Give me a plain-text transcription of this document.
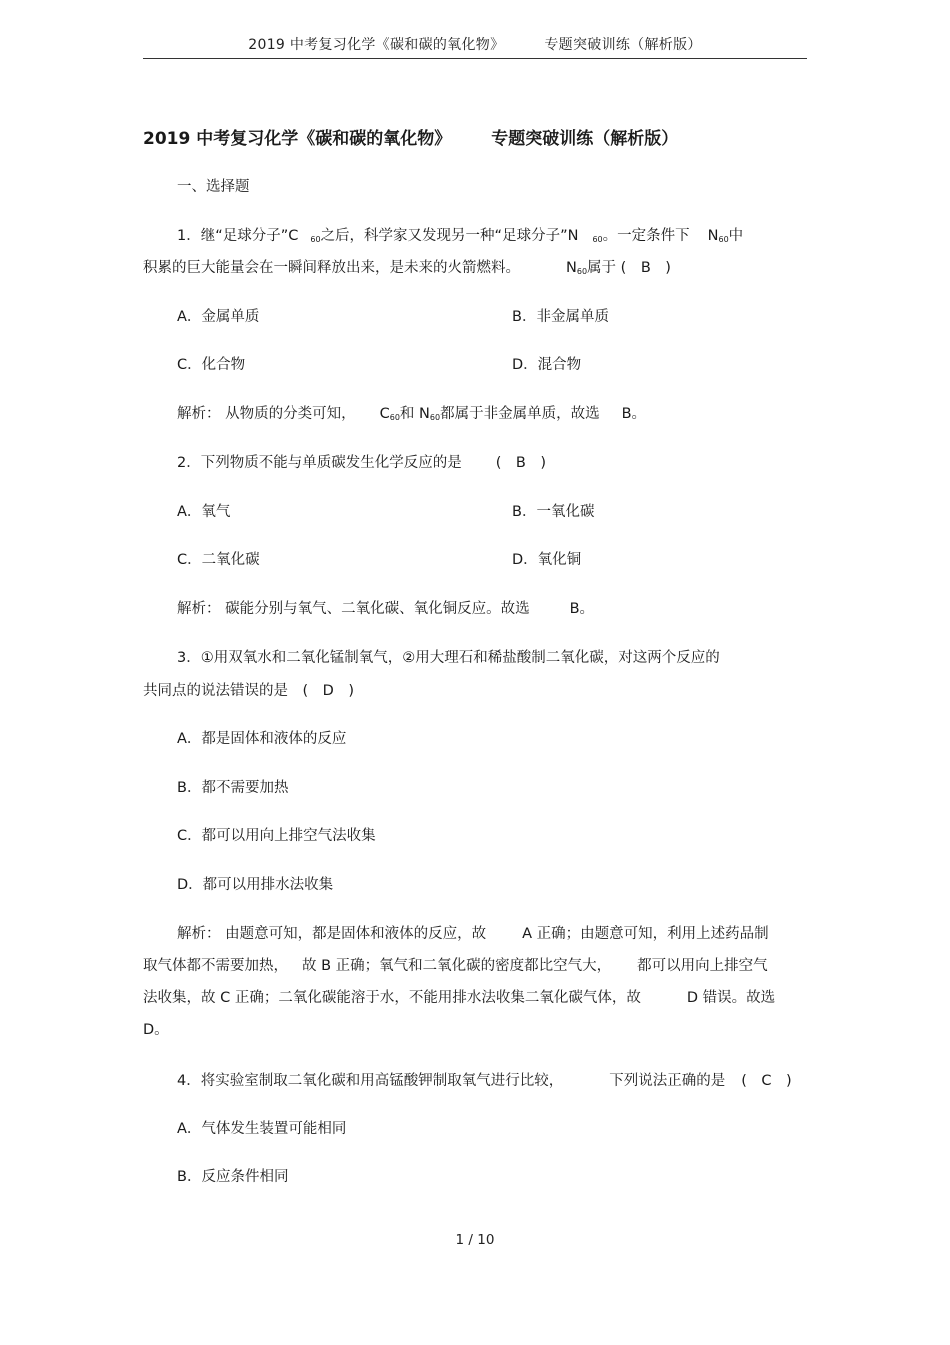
2019 中考复习化学《碳和碳的氧化物》	专题突破训练（解析版）
2019 中考复习化学《碳和碳的氧化物》 专题突破训练（解析版）
一、选择题
1．继“足球分子”C $_{60}$之后，科学家又发现另一种“足球分子”N $_{60}$。一定条件下 $N_{60}$中
积累的巨大能量会在一瞬间释放出来，是未来的火箭燃料。	$N_{60}$属于 (　B　)
A．金属单质	B．非金属单质
C．化合物	D．混合物
解析： 从物质的分类可知， $C_{60}$和 $N_{60}$都属于非金属单质，故选 B。
2．下列物质不能与单质碳发生化学反应的是 (　B　)
A．氧气	B．一氧化碳
C．二氧化碳	D．氧化铜
解析： 碳能分别与氧气、二氧化碳、氧化铜反应。故选	B。
3．①用双氧水和二氧化锰制氧气，②用大理石和稀盐酸制二氧化碳，对这两个反应的
共同点的说法错误的是　(　D　)
A．都是固体和液体的反应
B．都不需要加热
C．都可以用向上排空气法收集
D．都可以用排水法收集
解析： 由题意可知，都是固体和液体的反应，故 A 正确；由题意可知，利用上述药品制
取气体都不需要加热， 故 B 正确；氧气和二氧化碳的密度都比空气大， 都可以用向上排空气
法收集，故 C 正确；二氧化碳能溶于水，不能用排水法收集二氧化碳气体，故	D 错误。故选
D。
4．将实验室制取二氧化碳和用高锰酸钾制取氧气进行比较，	下列说法正确的是 (　C　)
A．气体发生装置可能相同
B．反应条件相同
1 / 10
